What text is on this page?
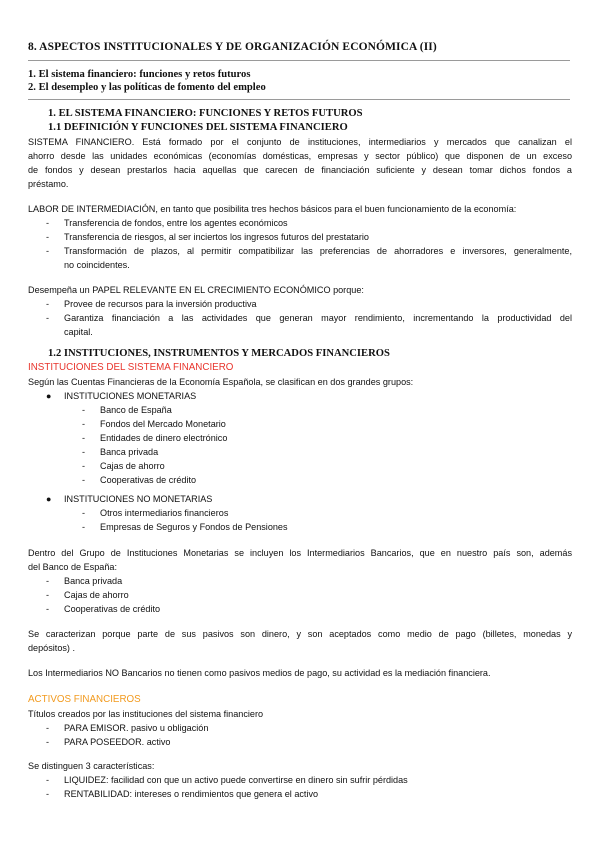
8. ASPECTOS INSTITUCIONALES Y DE ORGANIZACIÓN ECONÓMICA (II)
1. El sistema financiero: funciones y retos futuros
2. El desempleo y las políticas de fomento del empleo
1. EL SISTEMA FINANCIERO: FUNCIONES Y RETOS FUTUROS
1.1 DEFINICIÓN Y FUNCIONES DEL SISTEMA FINANCIERO
SISTEMA FINANCIERO. Está formado por el conjunto de instituciones, intermediarios y mercados que canalizan el
ahorro desde las unidades económicas (economías domésticas, empresas y sector público) que disponen de un exceso
de fondos y desean prestarlos hacia aquellas que carecen de financiación suficiente y desean tomar dichos fondos a
préstamo.
LABOR DE INTERMEDIACIÓN, en tanto que posibilita tres hechos básicos para el buen funcionamiento de la economía:
- Transferencia de fondos, entre los agentes económicos
- Transferencia de riesgos, al ser inciertos los ingresos futuros del prestatario
- Transformación de plazos, al permitir compatibilizar las preferencias de ahorradores e inversores, generalmente,
no coincidentes.
Desempeña un PAPEL RELEVANTE EN EL CRECIMIENTO ECONÓMICO porque:
- Provee de recursos para la inversión productiva
- Garantiza financiación a las actividades que generan mayor rendimiento, incrementando la productividad del
capital.
1.2 INSTITUCIONES, INSTRUMENTOS Y MERCADOS FINANCIEROS
INSTITUCIONES DEL SISTEMA FINANCIERO
Según las Cuentas Financieras de la Economía Española, se clasifican en dos grandes grupos:
● INSTITUCIONES MONETARIAS
- Banco de España
- Fondos del Mercado Monetario
- Entidades de dinero electrónico
- Banca privada
- Cajas de ahorro
- Cooperativas de crédito
● INSTITUCIONES NO MONETARIAS
- Otros intermediarios financieros
- Empresas de Seguros y Fondos de Pensiones
Dentro del Grupo de Instituciones Monetarias se incluyen los Intermediarios Bancarios, que en nuestro país son, además
del Banco de España:
- Banca privada
- Cajas de ahorro
- Cooperativas de crédito
Se caracterizan porque parte de sus pasivos son dinero, y son aceptados como medio de pago (billetes, monedas y
depósitos) .
Los Intermediarios NO Bancarios no tienen como pasivos medios de pago, su actividad es la mediación financiera.
ACTIVOS FINANCIEROS
Títulos creados por las instituciones del sistema financiero
- PARA EMISOR. pasivo u obligación
- PARA POSEEDOR. activo
Se distinguen 3 características:
- LIQUIDEZ: facilidad con que un activo puede convertirse en dinero sin sufrir pérdidas
- RENTABILIDAD: intereses o rendimientos que genera el activo
